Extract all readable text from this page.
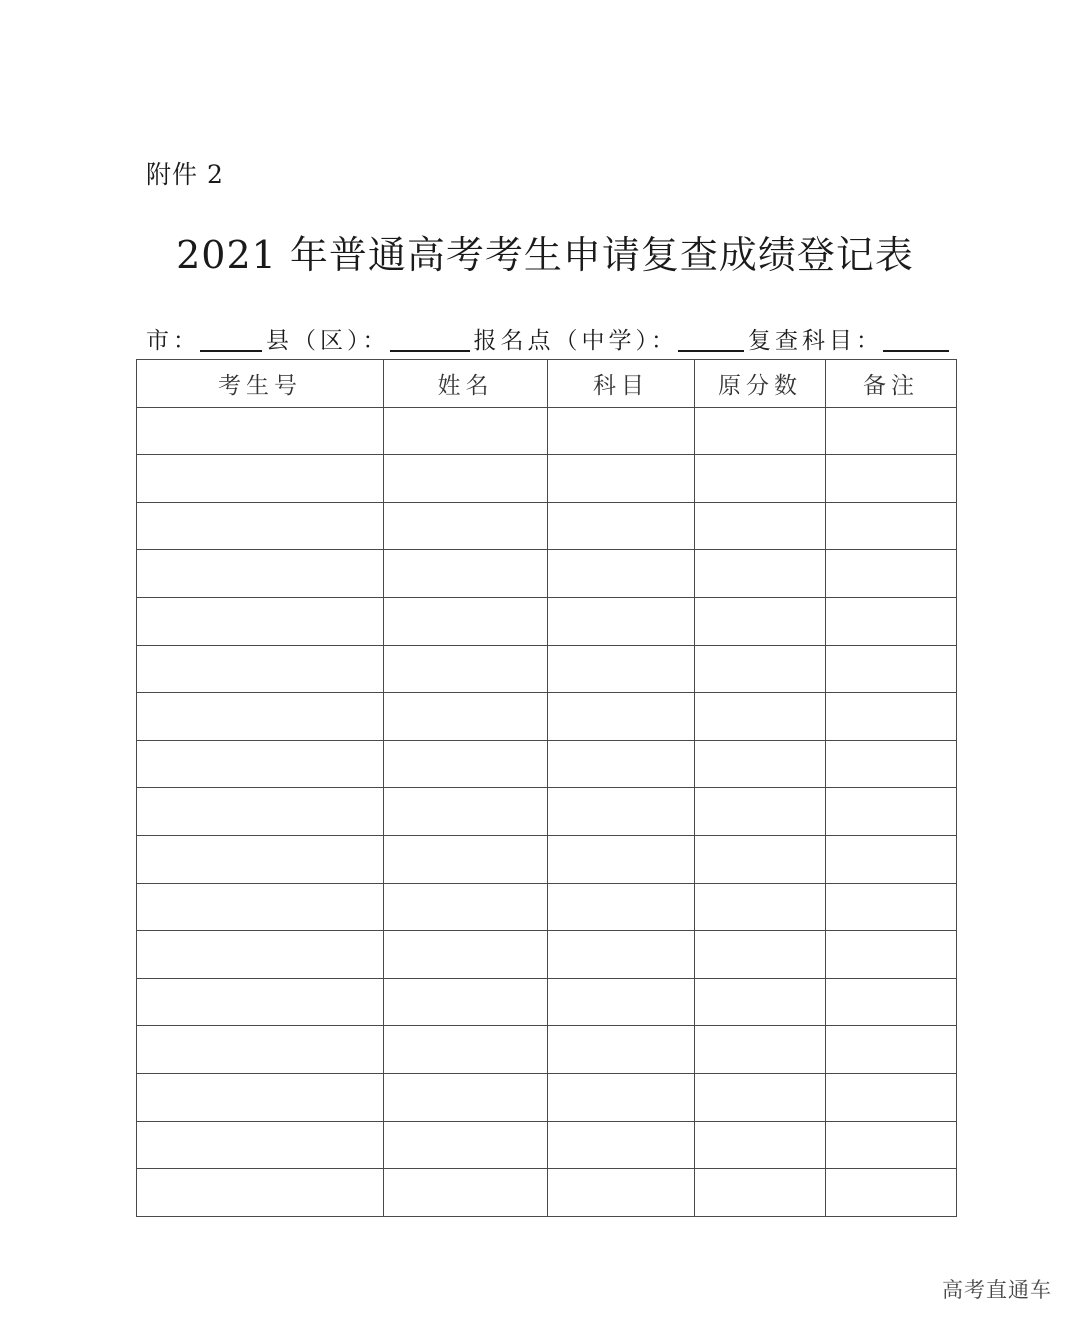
附件 2
2021 年普通高考考生申请复查成绩登记表
市：	县（区）：	报名点（中学）：	复查科目：
考生号	姓名	科目	原分数	备注

高考直通车
